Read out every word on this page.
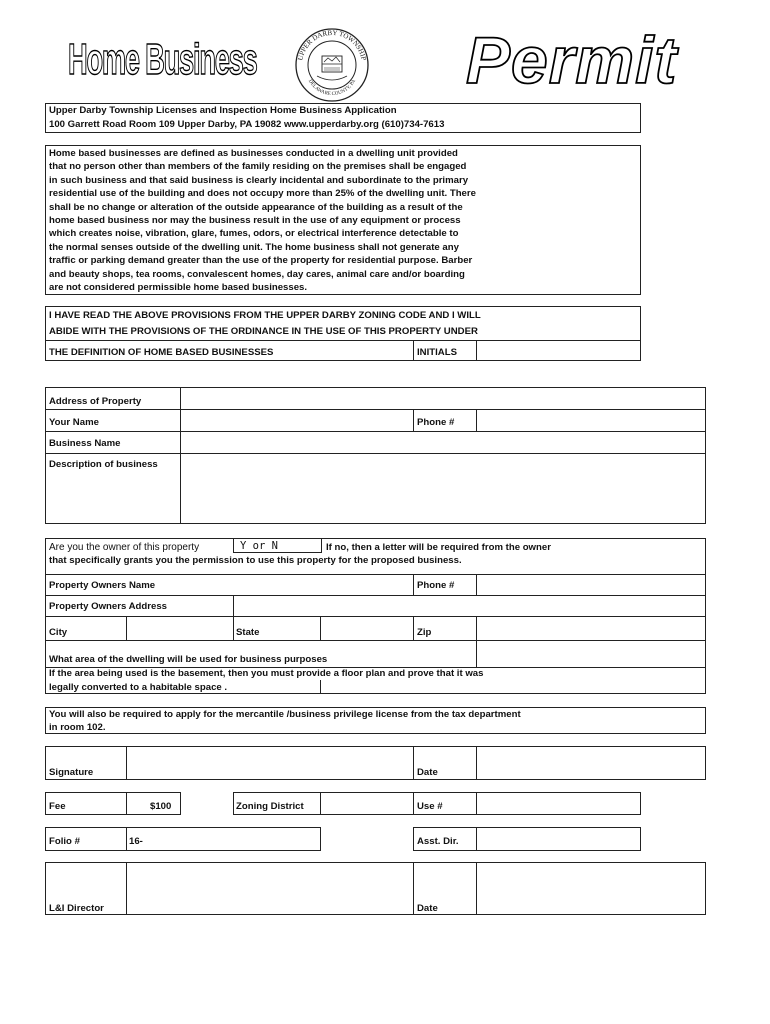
Home Business	UPPER DARBY TOWNSHIP
DELAWARE COUNTY, PA Permit
Upper Darby Township Licenses and Inspection Home Business Application
100 Garrett Road Room 109 Upper Darby, PA 19082 www.upperdarby.org (610)734-7613
Home based businesses are defined as businesses conducted in a dwelling unit provided
that no person other than members of the family residing on the premises shall be engaged
in such business and that said business is clearly incidental and subordinate to the primary
residential use of the building and does not occupy more than 25% of the dwelling unit. There
shall be no change or alteration of the outside appearance of the building as a result of the
home based business nor may the business result in the use of any equipment or process
which creates noise, vibration, glare, fumes, odors, or electrical interference detectable to
the normal senses outside of the dwelling unit. The home business shall not generate any
traffic or parking demand greater than the use of the property for residential purpose. Barber
and beauty shops, tea rooms, convalescent homes, day cares, animal care and/or boarding
are not considered permissible home based businesses.
I HAVE READ THE ABOVE PROVISIONS FROM THE UPPER DARBY ZONING CODE AND I WILL
ABIDE WITH THE PROVISIONS OF THE ORDINANCE IN THE USE OF THIS PROPERTY UNDER
THE DEFINITION OF HOME BASED BUSINESSES	INITIALS
Address of Property
Your Name	Phone #
Business Name
Description of business
Are you the owner of this property	Y or N	If no, then a letter will be required from the owner
that specifically grants you the permission to use this property for the proposed business.
Property Owners Name	Phone #
Property Owners Address
City	State	Zip
What area of the dwelling will be used for business purposes
If the area being used is the basement, then you must provide a floor plan and prove that it was
legally converted to a habitable space .
You will also be required to apply for the mercantile /business privilege license from the tax department
in room 102.
Signature	Date
Fee	$100	Zoning District	Use #
Folio #	16-	Asst. Dir.
L&I Director	Date
